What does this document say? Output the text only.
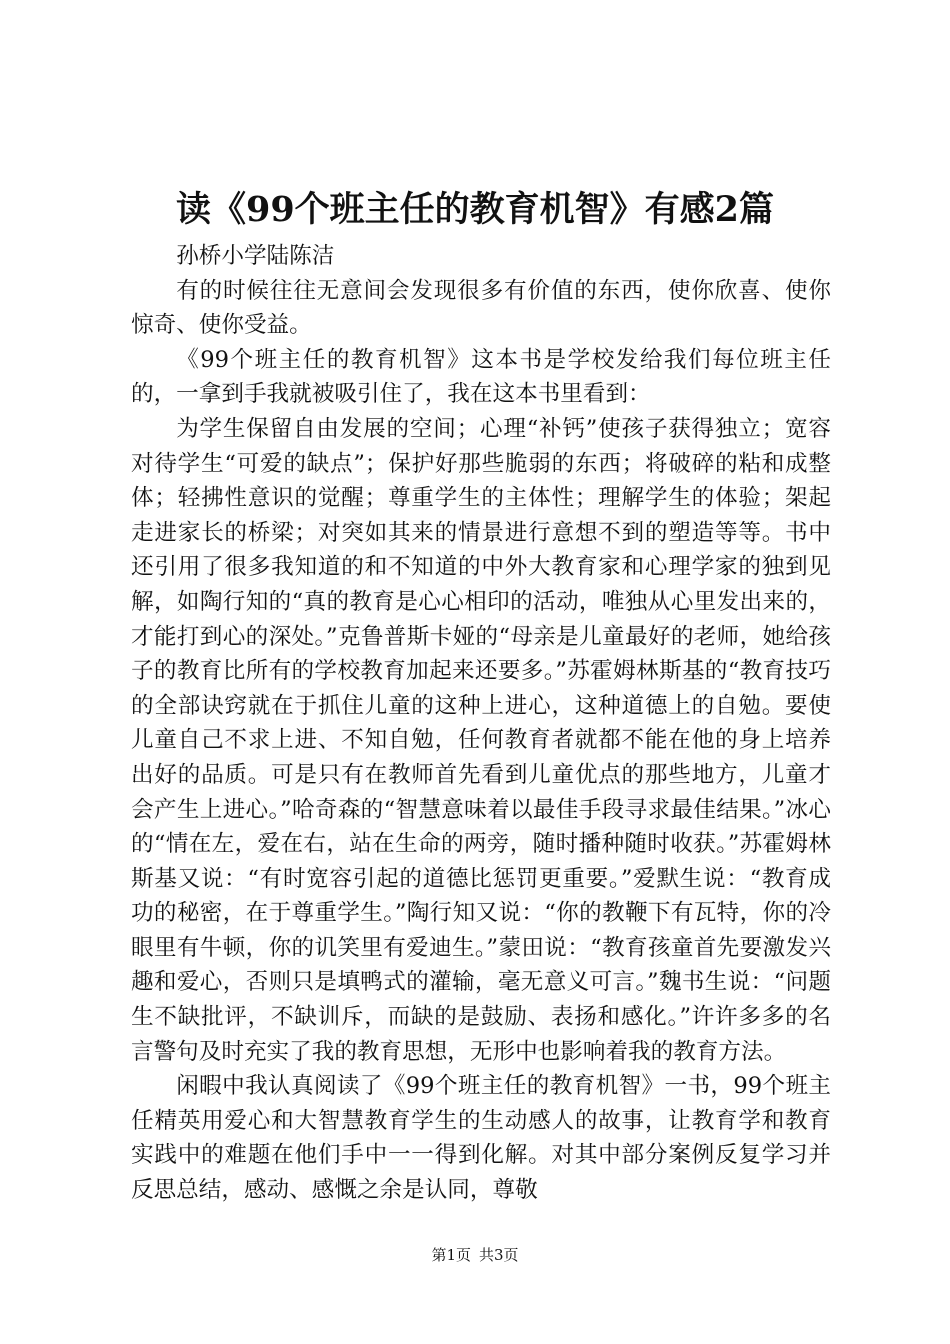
读《99个班主任的教育机智》有感2篇

孙桥小学陆陈洁

有的时候往往无意间会发现很多有价值的东西，使你欣喜、使你惊奇、使你受益。

《99个班主任的教育机智》这本书是学校发给我们每位班主任的，一拿到手我就被吸引住了，我在这本书里看到：

为学生保留自由发展的空间；心理“补钙”使孩子获得独立；宽容对待学生“可爱的缺点”；保护好那些脆弱的东西；将破碎的粘和成整体；轻拂性意识的觉醒；尊重学生的主体性；理解学生的体验；架起走进家长的桥梁；对突如其来的情景进行意想不到的塑造等等。书中还引用了很多我知道的和不知道的中外大教育家和心理学家的独到见解，如陶行知的“真的教育是心心相印的活动，唯独从心里发出来的，才能打到心的深处。”克鲁普斯卡娅的“母亲是儿童最好的老师，她给孩子的教育比所有的学校教育加起来还要多。”苏霍姆林斯基的“教育技巧的全部诀窍就在于抓住儿童的这种上进心，这种道德上的自勉。要使儿童自己不求上进、不知自勉，任何教育者就都不能在他的身上培养出好的品质。可是只有在教师首先看到儿童优点的那些地方，儿童才会产生上进心。”哈奇森的“智慧意味着以最佳手段寻求最佳结果。”冰心的“情在左，爱在右，站在生命的两旁，随时播种随时收获。”苏霍姆林斯基又说：“有时宽容引起的道德比惩罚更重要。”爱默生说：“教育成功的秘密，在于尊重学生。”陶行知又说：“你的教鞭下有瓦特，你的冷眼里有牛顿，你的讥笑里有爱迪生。”蒙田说：“教育孩童首先要激发兴趣和爱心，否则只是填鸭式的灌输，毫无意义可言。”魏书生说：“问题生不缺批评，不缺训斥，而缺的是鼓励、表扬和感化。”许许多多的名言警句及时充实了我的教育思想，无形中也影响着我的教育方法。

闲暇中我认真阅读了《99个班主任的教育机智》一书，99个班主任精英用爱心和大智慧教育学生的生动感人的故事，让教育学和教育实践中的难题在他们手中一一得到化解。对其中部分案例反复学习并反思总结，感动、感慨之余是认同，尊敬

第1页 共3页
